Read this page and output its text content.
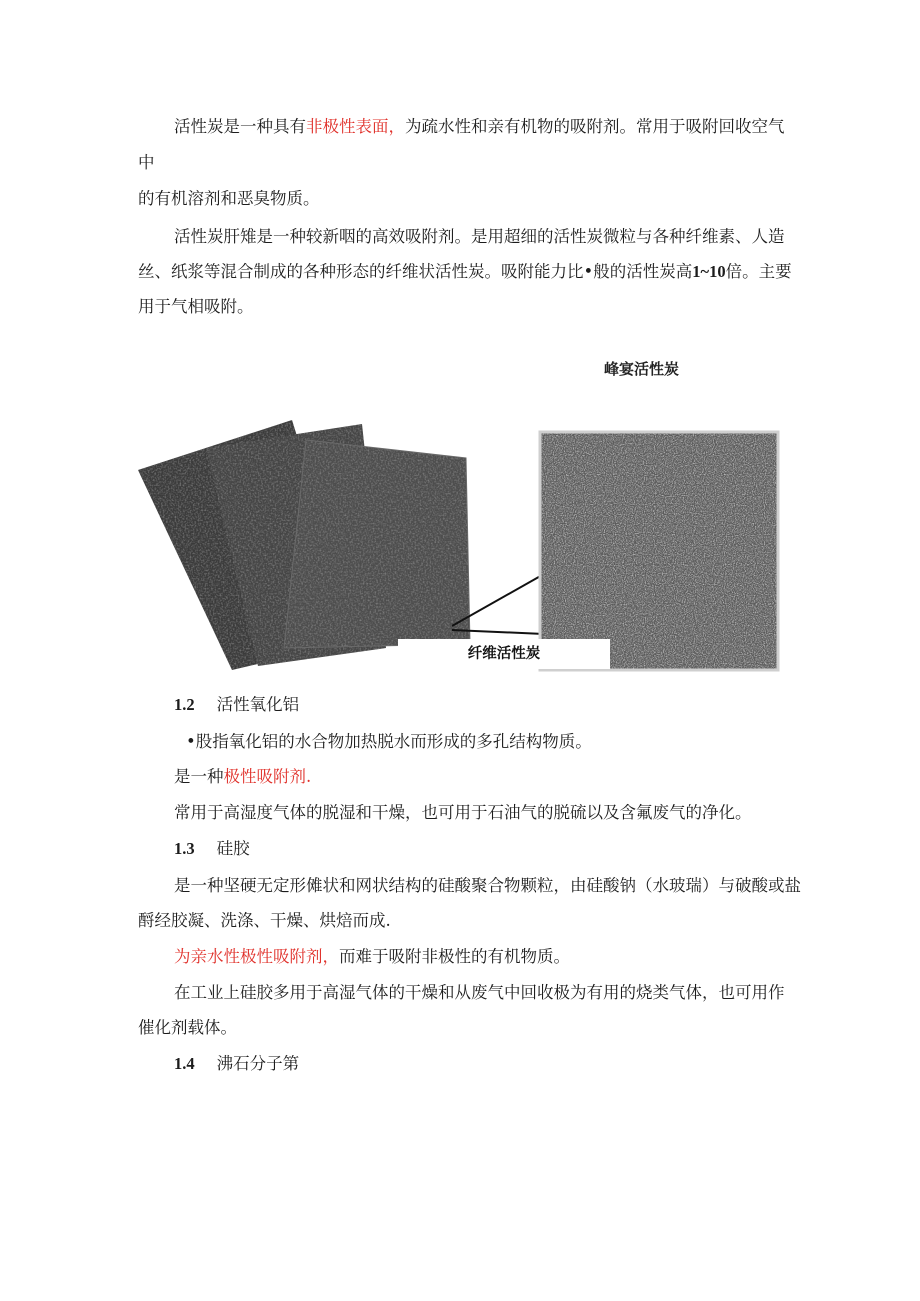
活性炭是一种具有非极性表面，为疏水性和亲有机物的吸附剂。常用于吸附回收空气
中
的有机溶剂和恶臭物质。
活性炭肝雉是一种较新咽的高效吸附剂。是用超细的活性炭微粒与各种纤维素、人造
丝、纸浆等混合制成的各种形态的纤维状活性炭。吸附能力比•般的活性炭高1~10倍。主要
用于气相吸附。
峰宴活性炭
纤维活性炭
1.2 活性氧化铝
•股指氧化铝的水合物加热脱水而形成的多孔结构物质。
是一种极性吸附剂.
常用于高湿度气体的脱湿和干燥，也可用于石油气的脱硫以及含氟废气的净化。
1.3 硅胶
是一种坚硬无定形傩状和网状结构的硅酸聚合物颗粒，由硅酸钠（水玻瑞）与破酸或盐
酹经胶凝、洗涤、干燥、烘焙而成.
为亲水性极性吸附剂，而难于吸附非极性的有机物质。
在工业上硅胶多用于高湿气体的干燥和从废气中回收极为有用的烧类气体，也可用作
催化剂载体。
1.4 沸石分子第
